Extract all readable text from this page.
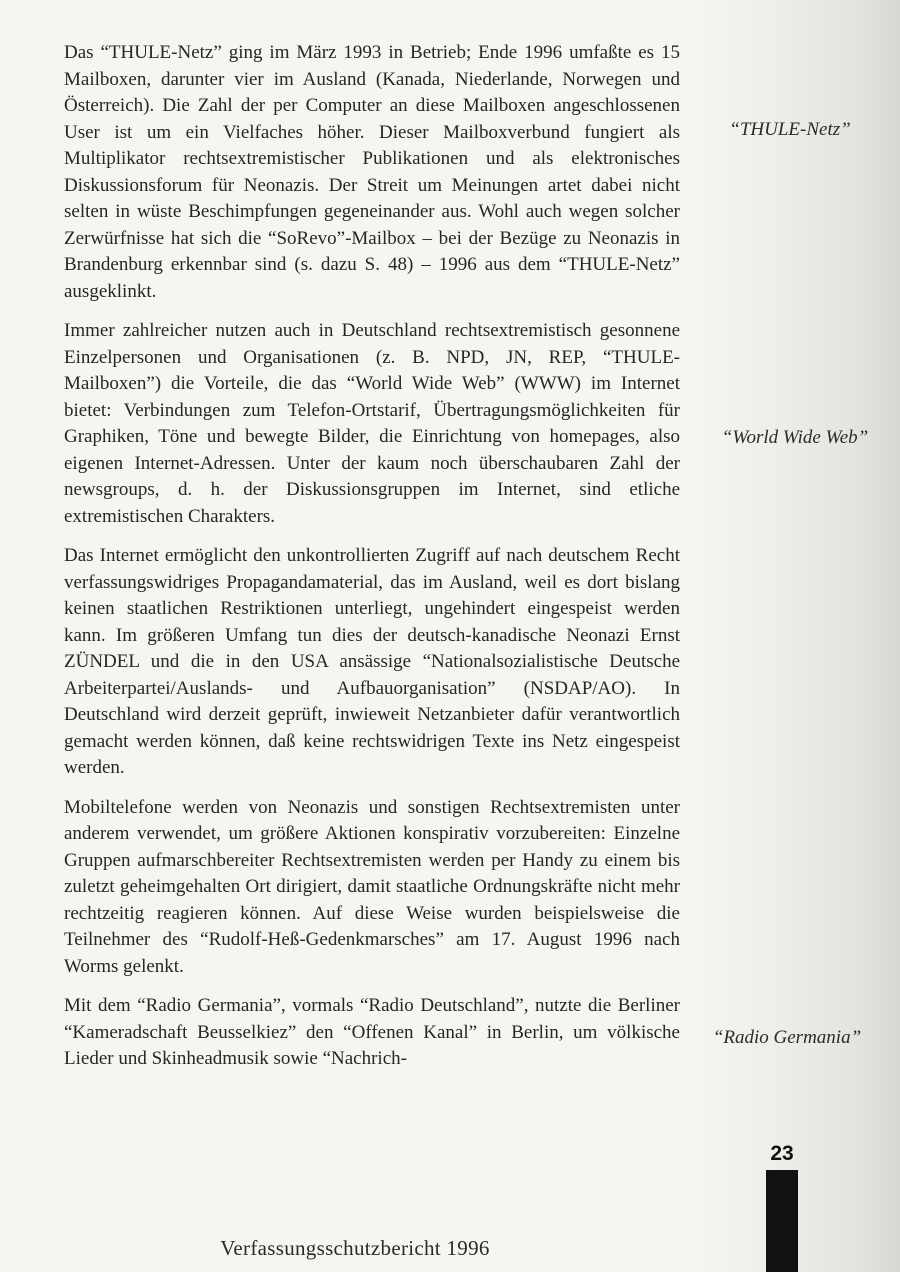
Das “THULE-Netz” ging im März 1993 in Betrieb; Ende 1996 umfaßte es 15 Mailboxen, darunter vier im Ausland (Kanada, Niederlande, Norwegen und Österreich). Die Zahl der per Computer an diese Mailboxen angeschlossenen User ist um ein Vielfaches höher. Dieser Mailboxverbund fungiert als Multiplikator rechtsextremistischer Publikationen und als elektronisches Diskussionsforum für Neonazis. Der Streit um Meinungen artet dabei nicht selten in wüste Beschimpfungen gegeneinander aus. Wohl auch wegen solcher Zerwürfnisse hat sich die “SoRevo”-Mailbox – bei der Bezüge zu Neonazis in Brandenburg erkennbar sind (s. dazu S. 48) – 1996 aus dem “THULE-Netz” ausgeklinkt.

Immer zahlreicher nutzen auch in Deutschland rechtsextremistisch gesonnene Einzelpersonen und Organisationen (z. B. NPD, JN, REP, “THULE-Mailboxen”) die Vorteile, die das “World Wide Web” (WWW) im Internet bietet: Verbindungen zum Telefon-Ortstarif, Übertragungsmöglichkeiten für Graphiken, Töne und bewegte Bilder, die Einrichtung von homepages, also eigenen Internet-Adressen. Unter der kaum noch überschaubaren Zahl der newsgroups, d. h. der Diskussionsgruppen im Internet, sind etliche extremistischen Charakters.

Das Internet ermöglicht den unkontrollierten Zugriff auf nach deutschem Recht verfassungswidriges Propagandamaterial, das im Ausland, weil es dort bislang keinen staatlichen Restriktionen unterliegt, ungehindert eingespeist werden kann. Im größeren Umfang tun dies der deutsch-kanadische Neonazi Ernst ZÜNDEL und die in den USA ansässige “Nationalsozialistische Deutsche Arbeiterpartei/Auslands- und Aufbauorganisation” (NSDAP/AO). In Deutschland wird derzeit geprüft, inwieweit Netzanbieter dafür verantwortlich gemacht werden können, daß keine rechtswidrigen Texte ins Netz eingespeist werden.

Mobiltelefone werden von Neonazis und sonstigen Rechtsextremisten unter anderem verwendet, um größere Aktionen konspirativ vorzubereiten: Einzelne Gruppen aufmarschbereiter Rechtsextremisten werden per Handy zu einem bis zuletzt geheimgehalten Ort dirigiert, damit staatliche Ordnungskräfte nicht mehr rechtzeitig reagieren können. Auf diese Weise wurden beispielsweise die Teilnehmer des “Rudolf-Heß-Gedenkmarsches” am 17. August 1996 nach Worms gelenkt.

Mit dem “Radio Germania”, vormals “Radio Deutschland”, nutzte die Berliner “Kameradschaft Beusselkiez” den “Offenen Kanal” in Berlin, um völkische Lieder und Skinheadmusik sowie “Nachrich-

“THULE-Netz”
“World Wide Web”
“Radio Germania”
23
Verfassungsschutzbericht 1996
